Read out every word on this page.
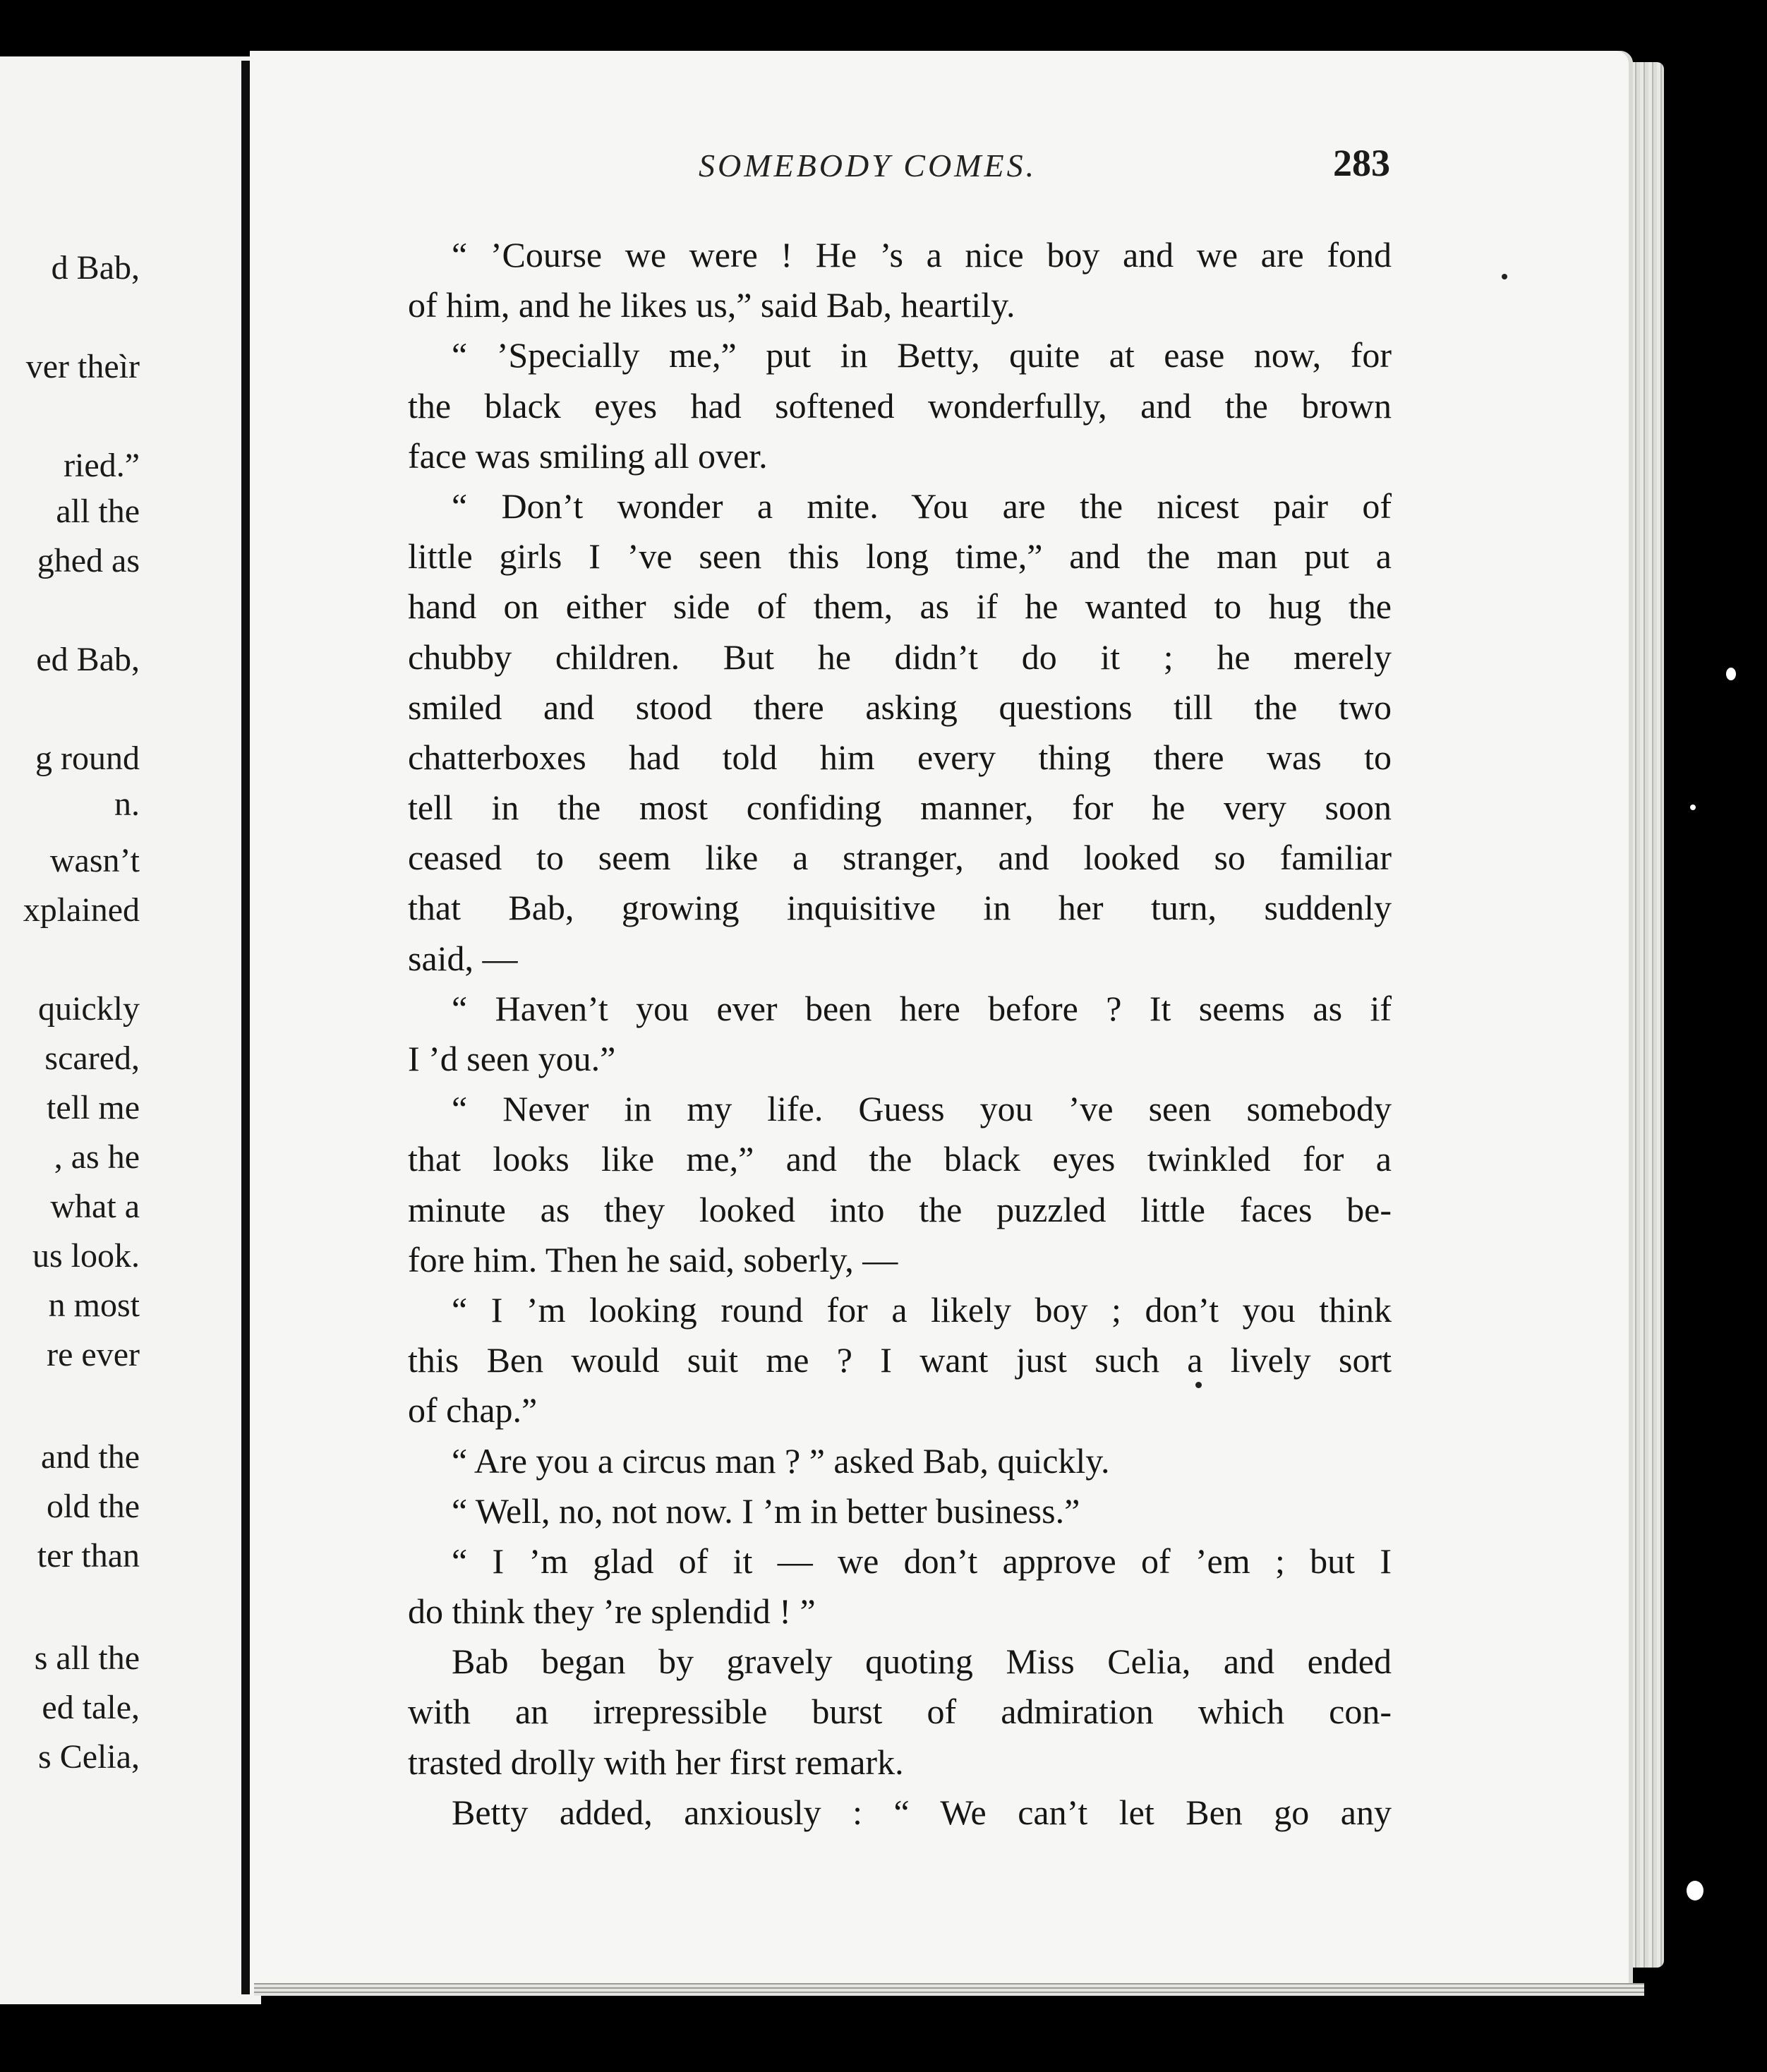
d Bab,
ver theìr
ried.”
all the
ghed as
ed Bab,
g round
n.
wasn’t
xplained
quickly
scared,
tell me
, as he
what a
us look.
n most
re ever
and the
old the
ter than
s all the
ed tale,
s Celia,
SOMEBODY COMES.	283
“ ’Course we were ! He ’s a nice boy and we are fond
of him, and he likes us,” said Bab, heartily.
“ ’Specially me,” put in Betty, quite at ease now, for
the black eyes had softened wonderfully, and the brown
face was smiling all over.
“ Don’t wonder a mite. You are the nicest pair of
little girls I ’ve seen this long time,” and the man put a
hand on either side of them, as if he wanted to hug the
chubby children. But he didn’t do it ; he merely
smiled and stood there asking questions till the two
chatterboxes had told him every thing there was to
tell in the most confiding manner, for he very soon
ceased to seem like a stranger, and looked so familiar
that Bab, growing inquisitive in her turn, suddenly
said, —
“ Haven’t you ever been here before ? It seems as if
I ’d seen you.”
“ Never in my life. Guess you ’ve seen somebody
that looks like me,” and the black eyes twinkled for a
minute as they looked into the puzzled little faces be-
fore him. Then he said, soberly, —
“ I ’m looking round for a likely boy ; don’t you think
this Ben would suit me ? I want just such a lively sort
of chap.”
“ Are you a circus man ? ” asked Bab, quickly.
“ Well, no, not now. I ’m in better business.”
“ I ’m glad of it — we don’t approve of ’em ; but I
do think they ’re splendid ! ”
Bab began by gravely quoting Miss Celia, and ended
with an irrepressible burst of admiration which con-
trasted drolly with her first remark.
Betty added, anxiously : “ We can’t let Ben go any
